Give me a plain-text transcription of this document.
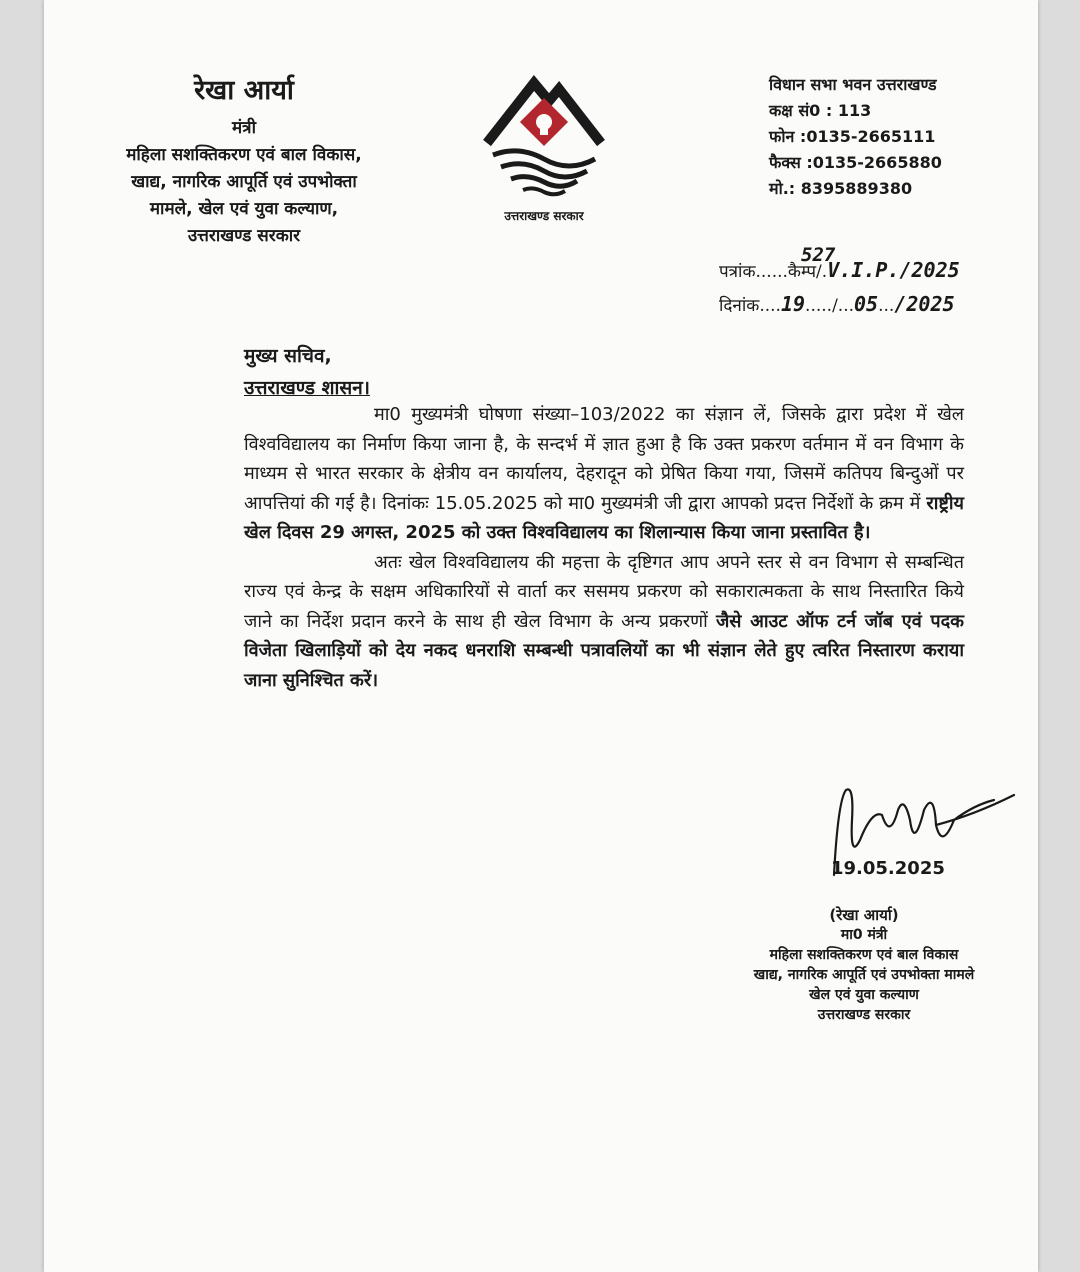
रेखा आर्या
मंत्री
महिला सशक्तिकरण एवं बाल विकास,
खाद्य, नागरिक आपूर्ति एवं उपभोक्ता
मामले, खेल एवं युवा कल्याण,
उत्तराखण्ड सरकार
उत्तराखण्ड सरकार
विधान सभा भवन उत्तराखण्ड
कक्ष सं0 : 113
फोन :0135-2665111
फैक्स :0135-2665880
मो.: 8395889380
527
पत्रांक......कैम्प/.V.I.P./2025
दिनांक....19...../...05.../2025
मुख्य सचिव,
उत्तराखण्ड शासन।

मा0 मुख्यमंत्री घोषणा संख्या–103/2022 का संज्ञान लें, जिसके द्वारा प्रदेश में खेल विश्वविद्यालय का निर्माण किया जाना है, के सन्दर्भ में ज्ञात हुआ है कि उक्त प्रकरण वर्तमान में वन विभाग के माध्यम से भारत सरकार के क्षेत्रीय वन कार्यालय, देहरादून को प्रेषित किया गया, जिसमें कतिपय बिन्दुओं पर आपत्तियां की गई है। दिनांकः 15.05.2025 को मा0 मुख्यमंत्री जी द्वारा आपको प्रदत्त निर्देशों के क्रम में राष्ट्रीय खेल दिवस 29 अगस्त, 2025 को उक्त विश्वविद्यालय का शिलान्यास किया जाना प्रस्तावित है।

अतः खेल विश्वविद्यालय की महत्ता के दृष्टिगत आप अपने स्तर से वन विभाग से सम्बन्धित राज्य एवं केन्द्र के सक्षम अधिकारियों से वार्ता कर ससमय प्रकरण को सकारात्मकता के साथ निस्तारित किये जाने का निर्देश प्रदान करने के साथ ही खेल विभाग के अन्य प्रकरणों जैसे आउट ऑफ टर्न जॉब एवं पदक विजेता खिलाड़ियों को देय नकद धनराशि सम्बन्धी पत्रावलियों का भी संज्ञान लेते हुए त्वरित निस्तारण कराया जाना सुनिश्चित करें।

19.05.2025
(रेखा आर्या)
मा0 मंत्री
महिला सशक्तिकरण एवं बाल विकास
खाद्य, नागरिक आपूर्ति एवं उपभोक्ता मामले
खेल एवं युवा कल्याण
उत्तराखण्ड सरकार
